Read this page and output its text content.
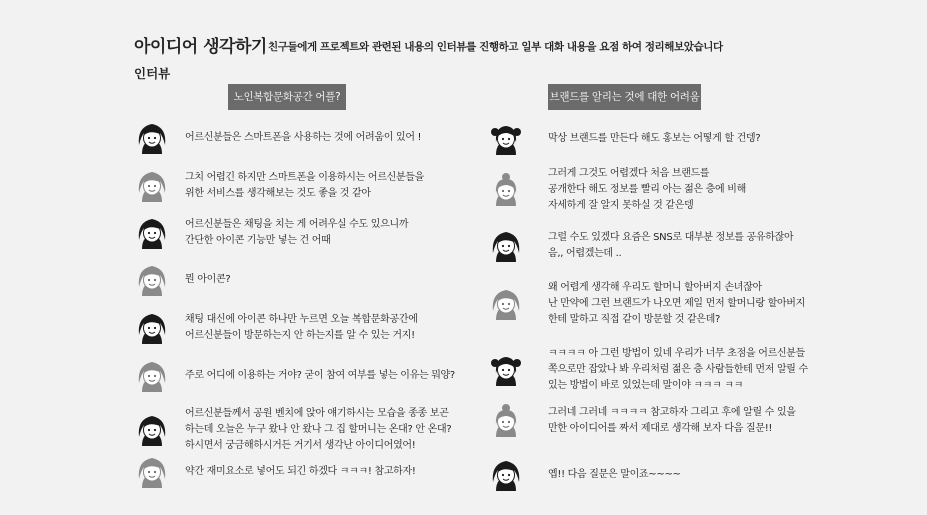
아이디어 생각하기 친구들에게 프로젝트와 관련된 내용의 인터뷰를 진행하고 일부 대화 내용을 요점 하여 정리해보았습니다
인터뷰
노인복합문화공간 어플?	브랜드를 알리는 것에 대한 어려움
어르신분들은 스마트폰을 사용하는 것에 어려움이 있어 !
그치 어렵긴 하지만 스마트폰을 이용하시는 어르신분들을
위한 서비스를 생각해보는 것도 좋을 것 같아
어르신분들은 채팅을 치는 게 어려우실 수도 있으니까
간단한 아이콘 기능만 넣는 건 어때
뭔 아이콘?
채팅 대신에 아이콘 하나만 누르면 오늘 복합문화공간에
어르신분들이 방문하는지 안 하는지를 알 수 있는 거지!
주로 어디에 이용하는 거야? 굳이 참여 여부를 넣는 이유는 뭐양?
어르신분들께서 공원 벤치에 앉아 얘기하시는 모습을 종종 보곤
하는데 오늘은 누구 왔나 안 왔나 그 집 할머니는 온대? 안 온대?
하시면서 궁금해하시거든 거기서 생각난 아이디어였어!
약간 재미요소로 넣어도 되긴 하겠다 ㅋㅋㅋ! 참고하자!
막상 브랜드를 만든다 해도 홍보는 어떻게 할 건뎅?
그러게 그것도 어렵겠다 처음 브랜드를
공개한다 해도 정보를 빨리 아는 젊은 층에 비해
자세하게 잘 알지 못하실 것 같은뎅
그럴 수도 있겠다 요즘은 SNS로 대부분 정보를 공유하잖아
음,, 어렵겠는데 ..
왜 어렵게 생각해 우리도 할머니 할아버지 손녀잖아
난 만약에 그런 브랜드가 나오면 제일 먼저 할머니랑 할아버지
한테 말하고 직접 같이 방문할 것 같은데?
ㅋㅋㅋㅋ 아 그런 방법이 있네 우리가 너무 초점을 어르신분들
쪽으로만 잡았나 봐 우리처럼 젊은 층 사람들한테 먼저 알릴 수
있는 방법이 바로 있었는데 말이야 ㅋㅋㅋ ㅋㅋ
그러네 그러네 ㅋㅋㅋㅋ 참고하자 그리고 후에 알릴 수 있을
만한 아이디어를 짜서 제대로 생각해 보자 다음 질문!!
옙!! 다음 질문은 말이죠~~~~
